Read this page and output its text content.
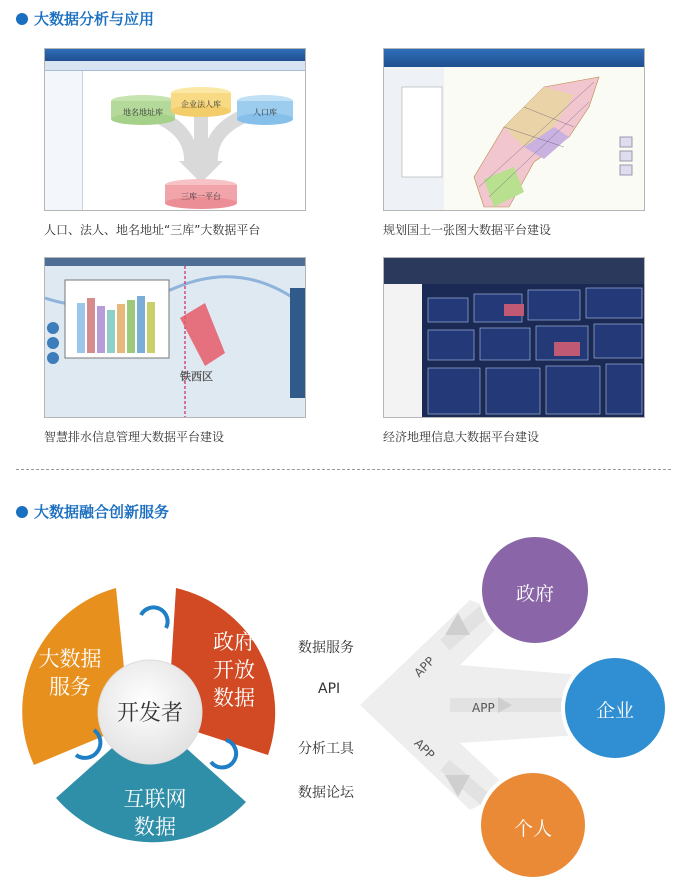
大数据分析与应用
地名地址库
企业法人库
人口库
三库一平台
人口、法人、地名地址“三库”大数据平台	规划国土一张图大数据平台建设
铁西区
智慧排水信息管理大数据平台建设	经济地理信息大数据平台建设
大数据融合创新服务
大数据
服务
政府
开放
数据
互联网
数据
开发者
数据服务
API
分析工具
数据论坛
APP
APP
APP
政府
企业
个人
